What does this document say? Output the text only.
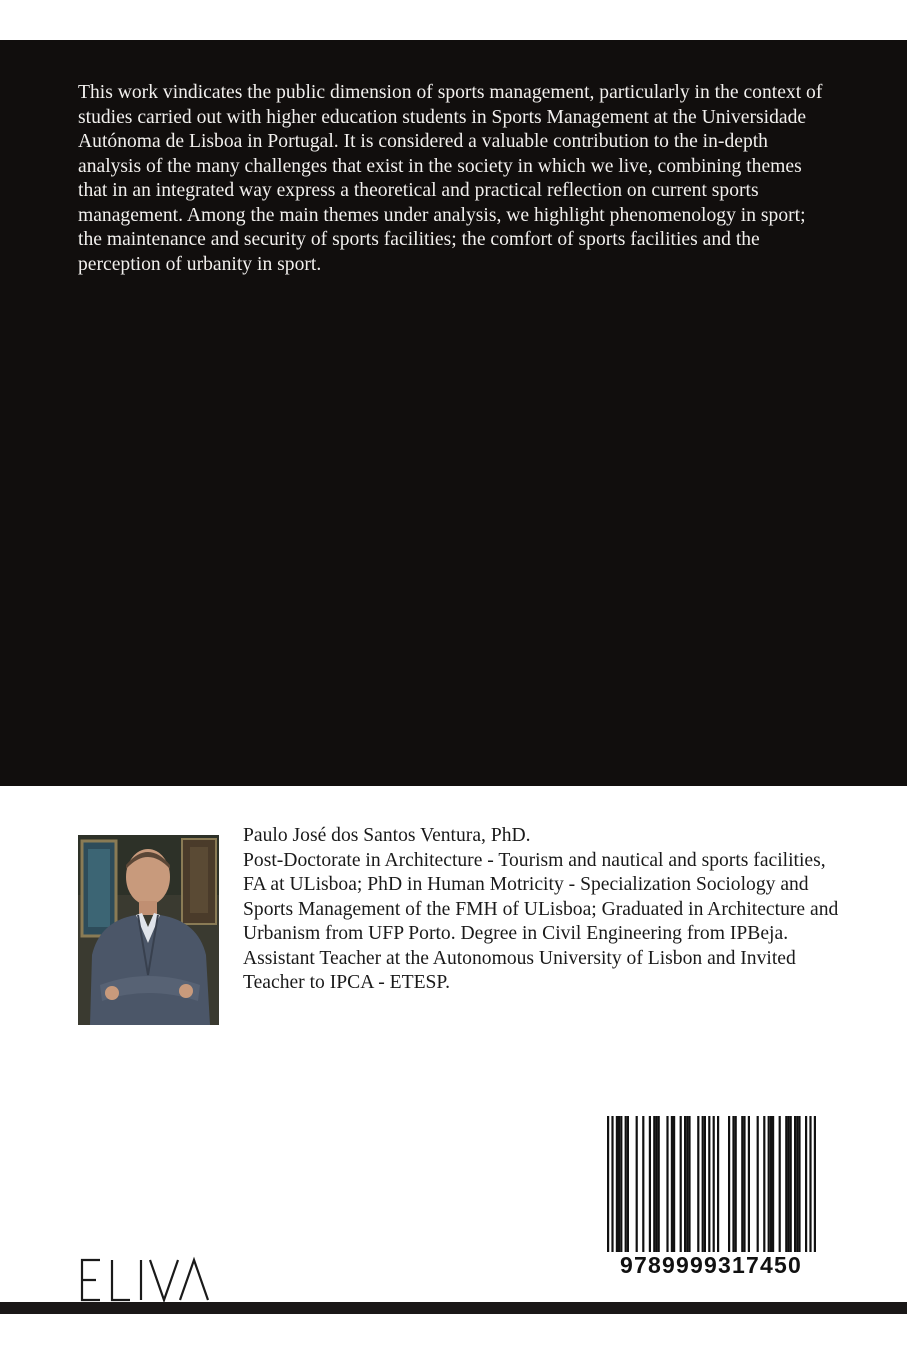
This work vindicates the public dimension of sports management, particularly in the context of studies carried out with higher education students in Sports Management at the Universidade Autónoma de Lisboa in Portugal. It is considered a valuable contribution to the in-depth analysis of the many challenges that exist in the society in which we live, combining themes that in an integrated way express a theoretical and practical reflection on current sports management. Among the main themes under analysis, we highlight phenomenology in sport; the maintenance and security of sports facilities; the comfort of sports facilities and the perception of urbanity in sport.

Paulo José dos Santos Ventura, PhD.

Post-Doctorate in Architecture - Tourism and nautical and sports facilities, FA at ULisboa; PhD in Human Motricity - Specialization Sociology and Sports Management of the FMH of ULisboa; Graduated in Architecture and Urbanism from UFP Porto. Degree in Civil Engineering from IPBeja. Assistant Teacher at the Autonomous University of Lisbon and Invited Teacher to IPCA - ETESP.

9789999317450
